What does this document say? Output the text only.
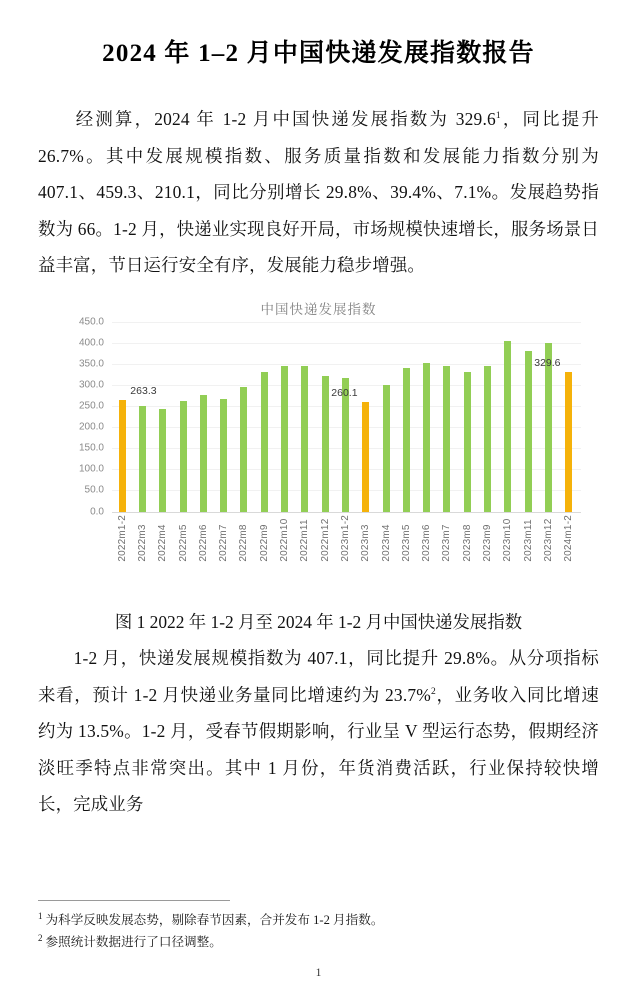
2024 年 1–2 月中国快递发展指数报告

经测算，2024 年 1-2 月中国快递发展指数为 329.6$^1$，同比提升 26.7%。其中发展规模指数、服务质量指数和发展能力指数分别为 407.1、459.3、210.1，同比分别增长 29.8%、39.4%、7.1%。发展趋势指数为 66。1-2 月，快递业实现良好开局，市场规模快速增长，服务场景日益丰富，节日运行安全有序，发展能力稳步增强。

中国快递发展指数
450.0
400.0
350.0
300.0
250.0
200.0
150.0
100.0
50.0
0.0
263.3	260.1
329.6
2022m1-2 2022m3 2022m4 2022m5 2022m6 2022m7 2022m8 2022m9 2022m10 2022m11 2022m12 2023m1-2 2023m3 2023m4 2023m5 2023m6 2023m7 2023m8 2023m9 2023m10 2023m11 2023m12 2024m1-2

图 1 2022 年 1-2 月至 2024 年 1-2 月中国快递发展指数

1-2 月，快递发展规模指数为 407.1，同比提升 29.8%。从分项指标来看，预计 1-2 月快递业务量同比增速约为 23.7%$^2$，业务收入同比增速约为 13.5%。1-2 月，受春节假期影响，行业呈 V 型运行态势，假期经济淡旺季特点非常突出。其中 1 月份，年货消费活跃，行业保持较快增长，完成业务

$^1$ 为科学反映发展态势，剔除春节因素，合并发布 1-2 月指数。
$^2$ 参照统计数据进行了口径调整。
1
